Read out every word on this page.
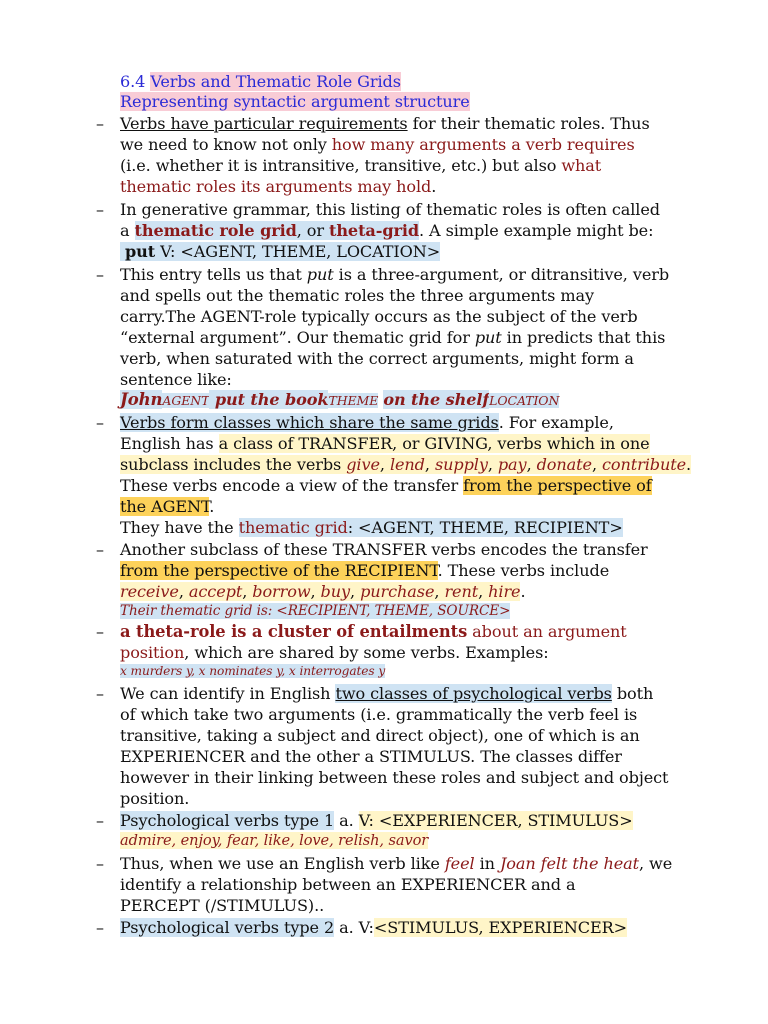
6.4 Verbs and Thematic Role Grids
Representing syntactic argument structure
– Verbs have particular requirements for their thematic roles. Thus
we need to know not only how many arguments a verb requires
(i.e. whether it is intransitive, transitive, etc.) but also what
thematic roles its arguments may hold.
– In generative grammar, this listing of thematic roles is often called
a thematic role grid, or theta-grid. A simple example might be:
put V: <AGENT, THEME, LOCATION>
– This entry tells us that put is a three-argument, or ditransitive, verb
and spells out the thematic roles the three arguments may
carry.The AGENT-role typically occurs as the subject of the verb
“external argument”. Our thematic grid for put in predicts that this
verb, when saturated with the correct arguments, might form a
sentence like:
JohnAGENT put the bookTHEME on the shelfLOCATION
– Verbs form classes which share the same grids. For example,
English has a class of TRANSFER, or GIVING, verbs which in one
subclass includes the verbs give, lend, supply, pay, donate, contribute.
These verbs encode a view of the transfer from the perspective of
the AGENT.
They have the thematic grid: <AGENT, THEME, RECIPIENT>
– Another subclass of these TRANSFER verbs encodes the transfer
from the perspective of the RECIPIENT. These verbs include
receive, accept, borrow, buy, purchase, rent, hire.
Their thematic grid is: <RECIPIENT, THEME, SOURCE>
– a theta-role is a cluster of entailments about an argument
position, which are shared by some verbs. Examples:
x murders y, x nominates y, x interrogates y
– We can identify in English two classes of psychological verbs both
of which take two arguments (i.e. grammatically the verb feel is
transitive, taking a subject and direct object), one of which is an
EXPERIENCER and the other a STIMULUS. The classes differ
however in their linking between these roles and subject and object
position.
– Psychological verbs type 1 a. V: <EXPERIENCER, STIMULUS>
admire, enjoy, fear, like, love, relish, savor
– Thus, when we use an English verb like feel in Joan felt the heat, we
identify a relationship between an EXPERIENCER and a
PERCEPT (/STIMULUS)..
– Psychological verbs type 2 a. V:<STIMULUS, EXPERIENCER>
